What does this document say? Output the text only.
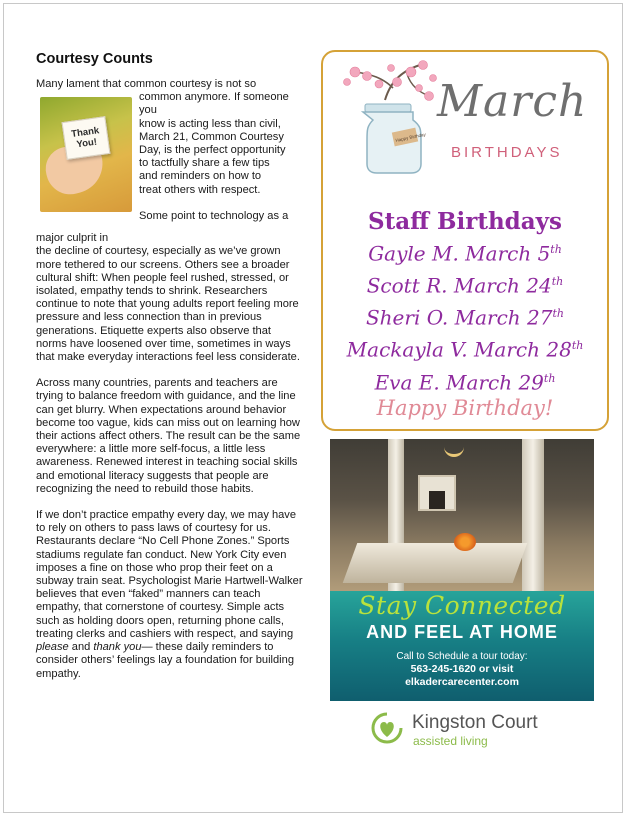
Courtesy Counts

Many lament that common courtesy is not so

Thank You!
common anymore. If someone
you
know is acting less than civil,
March 21, Common Courtesy
Day, is the perfect opportunity
to tactfully share a few tips
and reminders on how to
treat others with respect.
Some point to technology as a

major culprit in

the decline of courtesy, especially as we’ve grown more tethered to our screens. Others see a broader cultural shift: When people feel rushed, stressed, or isolated, empathy tends to shrink. Researchers continue to note that young adults report feeling more pressure and less connection than in previous generations. Etiquette experts also observe that norms have loosened over time, sometimes in ways that make everyday interactions feel less considerate.

Across many countries, parents and teachers are trying to balance freedom with guidance, and the line can get blurry. When expectations around behavior become too vague, kids can miss out on learning how their actions affect others. The result can be the same everywhere: a little more self-focus, a little less awareness. Renewed interest in teaching social skills and emotional literacy suggests that people are recognizing the need to rebuild those habits.

If we don’t practice empathy every day, we may have to rely on others to pass laws of courtesy for us. Restaurants declare “No Cell Phone Zones.” Sports stadiums regulate fan conduct. New York City even imposes a fine on those who prop their feet on a subway train seat. Psychologist Marie Hartwell-Walker believes that even “faked” manners can teach empathy, that cornerstone of courtesy. Simple acts such as holding doors open, returning phone calls, treating clerks and cashiers with respect, and saying please and thank you— these daily reminders to consider others’ feelings lay a foundation for building empathy.

Happy Birthday
March
BIRTHDAYS
Staff Birthdays
Gayle M. March 5th
Scott R. March 24th
Sheri O. March 27th
Mackayla V. March 28th
Eva E. March 29th
Happy Birthday!
Stay Connected
AND FEEL AT HOME
Call to Schedule a tour today:
563-245-1620 or visit
elkadercarecenter.com
Kingston Court
assisted living
